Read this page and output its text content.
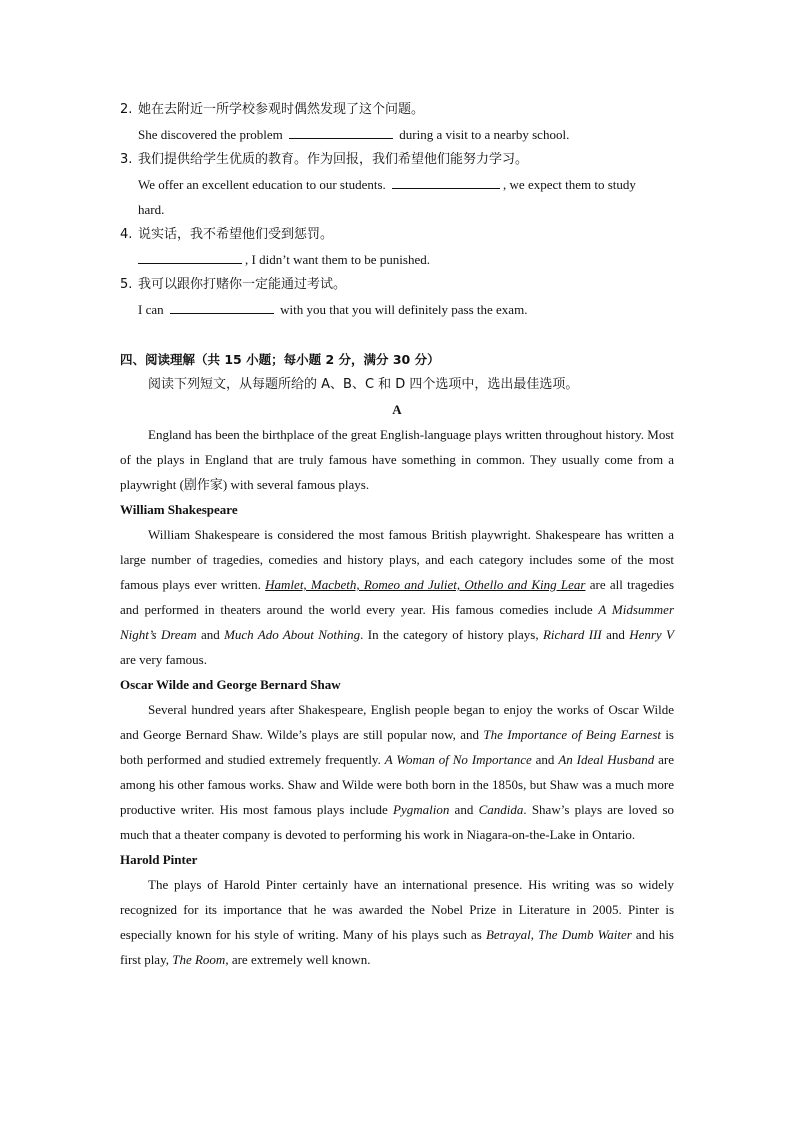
2. 她在去附近一所学校参观时偶然发现了这个问题。
She discovered the problem	during a visit to a nearby school.
3. 我们提供给学生优质的教育。作为回报，我们希望他们能努力学习。
We offer an excellent education to our students.	, we expect them to study
hard.
4. 说实话，我不希望他们受到惩罚。
, I didn’t want them to be punished.
5. 我可以跟你打赌你一定能通过考试。
I can	with you that you will definitely pass the exam.
四、阅读理解（共 15 小题；每小题 2 分，满分 30 分）
阅读下列短文，从每题所给的 A、B、C 和 D 四个选项中，选出最佳选项。
A
England has been the birthplace of the great English-language plays written throughout history. Most of the plays in England that are truly famous have something in common. They usually come from a playwright (剧作家) with several famous plays.
William Shakespeare
William Shakespeare is considered the most famous British playwright. Shakespeare has written a large number of tragedies, comedies and history plays, and each category includes some of the most famous plays ever written. Hamlet, Macbeth, Romeo and Juliet, Othello and King Lear are all tragedies and performed in theaters around the world every year. His famous comedies include A Midsummer Night’s Dream and Much Ado About Nothing. In the category of history plays, Richard III and Henry V are very famous.
Oscar Wilde and George Bernard Shaw
Several hundred years after Shakespeare, English people began to enjoy the works of Oscar Wilde and George Bernard Shaw. Wilde’s plays are still popular now, and The Importance of Being Earnest is both performed and studied extremely frequently. A Woman of No Importance and An Ideal Husband are among his other famous works. Shaw and Wilde were both born in the 1850s, but Shaw was a much more productive writer. His most famous plays include Pygmalion and Candida. Shaw’s plays are loved so much that a theater company is devoted to performing his work in Niagara-on-the-Lake in Ontario.
Harold Pinter
The plays of Harold Pinter certainly have an international presence. His writing was so widely recognized for its importance that he was awarded the Nobel Prize in Literature in 2005. Pinter is especially known for his style of writing. Many of his plays such as Betrayal, The Dumb Waiter and his first play, The Room, are extremely well known.
